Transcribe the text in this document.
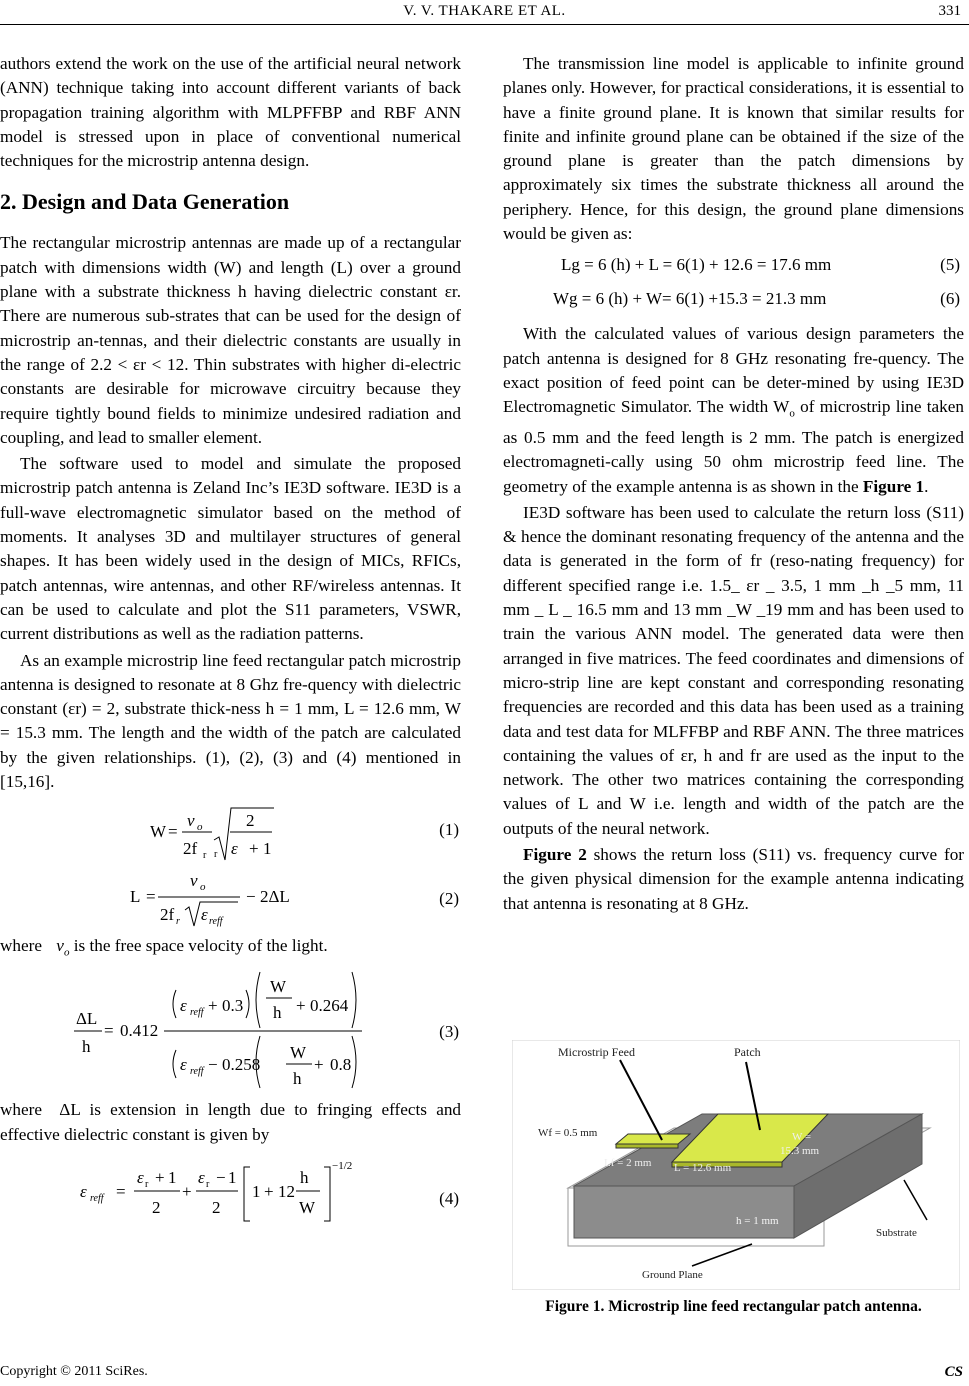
V. V. THAKARE ET AL.	331

authors extend the work on the use of the artificial neural network (ANN) technique taking into account different variants of back propagation training algorithm with MLPFFBP and RBF ANN model is stressed upon in place of conventional numerical techniques for the microstrip antenna design.

2. Design and Data Generation

The rectangular microstrip antennas are made up of a rectangular patch with dimensions width (W) and length (L) over a ground plane with a substrate thickness h having dielectric constant εr. There are numerous sub-strates that can be used for the design of microstrip an-tennas, and their dielectric constants are usually in the range of 2.2 < εr < 12. Thin substrates with higher di-electric constants are desirable for microwave circuitry because they require tightly bound fields to minimize undesired radiation and coupling, and lead to smaller element.

The software used to model and simulate the proposed microstrip patch antenna is Zeland Inc’s IE3D software. IE3D is a full-wave electromagnetic simulator based on the method of moments. It analyses 3D and multilayer structures of general shapes. It has been widely used in the design of MICs, RFICs, patch antennas, wire antennas, and other RF/wireless antennas. It can be used to calculate and plot the S11 parameters, VSWR, current distributions as well as the radiation patterns.

As an example microstrip line feed rectangular patch microstrip antenna is designed to resonate at 8 Ghz fre-quency with dielectric constant (εr) = 2, substrate thick-ness h = 1 mm, L = 12.6 mm, W = 15.3 mm. The length and the width of the patch are calculated by the given relationships. (1), (2), (3) and (4) mentioned in [15,16].

W =
v o
2f r
2
r ε + 1
(1)
L =
v o
2f r ε reff
− 2ΔL	(2)
where $v_o$ is the free space velocity of the light.
ΔL
h
= 0.412
ε reff + 0.3
W
h + 0.264
ε reff − 0.258
W
h
+ 0.8
(3)

where ΔL is extension in length due to fringing effects and effective dielectric constant is given by

ε reff =
ε r + 1
2
+
ε r − 1
2
1 + 12
h
W
−1/2
(4)

The transmission line model is applicable to infinite ground planes only. However, for practical considerations, it is essential to have a finite ground plane. It is known that similar results for finite and infinite ground plane can be obtained if the size of the ground plane is greater than the patch dimensions by approximately six times the substrate thickness all around the periphery. Hence, for this design, the ground plane dimensions would be given as:

Lg = 6 (h) + L = 6(1) + 12.6 = 17.6 mm	(5)
Wg = 6 (h) + W= 6(1) +15.3 = 21.3 mm	(6)

With the calculated values of various design parameters the patch antenna is designed for 8 GHz resonating fre-quency. The exact position of feed point can be deter-mined by using IE3D Electromagnetic Simulator. The width $W_o$ of microstrip line taken as 0.5 mm and the feed length is 2 mm. The patch is energized electromagneti-cally using 50 ohm microstrip feed line. The geometry of the example antenna is as shown in the Figure 1.

IE3D software has been used to calculate the return loss (S11) & hence the dominant resonating frequency of the antenna and the data is generated in the form of fr (reso-nating frequency) for different specified range i.e. 1.5_ εr _ 3.5, 1 mm _h _5 mm, 11 mm _ L _ 16.5 mm and 13 mm _W _19 mm and has been used to train the various ANN model. The generated data were then arranged in five matrices. The feed coordinates and dimensions of micro-strip line are kept constant and corresponding resonating frequencies are recorded and this data has been used as a training data and test data for MLFFBP and RBF ANN. The three matrices containing the values of εr, h and fr are used as the input to the network. The other two matrices containing the corresponding values of L and W i.e. length and width of the patch are the outputs of the neural network.

Figure 2 shows the return loss (S11) vs. frequency curve for the given physical dimension for the example antenna indicating that antenna is resonating at 8 GHz.

Microstrip Feed	Patch
Wf = 0.5 mm
Lf = 2 mm L = 12.6 mm
W =
15.3 mm
h = 1 mm
Substrate
Ground Plane
Figure 1. Microstrip line feed rectangular patch antenna.
Copyright © 2011 SciRes.	CS
